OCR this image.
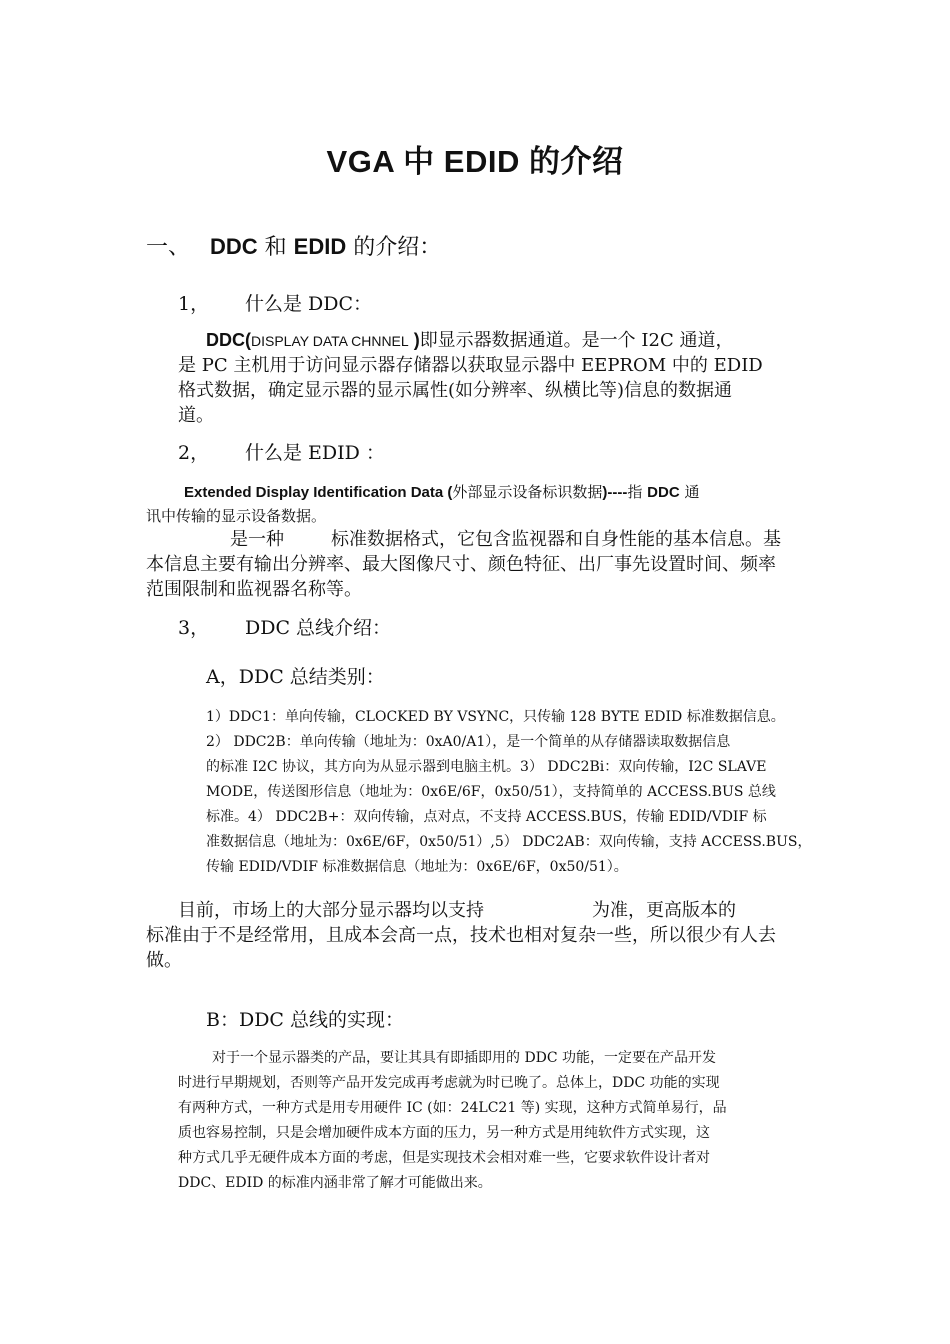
VGA 中 EDID 的介绍
一、 DDC 和 EDID 的介绍：
1， 什么是 DDC：
DDC(DISPLAY DATA CHNNEL )即显示器数据通道。是一个 I2C 通道，
是 PC 主机用于访问显示器存储器以获取显示器中 EEPROM 中的 EDID
格式数据，确定显示器的显示属性(如分辨率、纵横比等)信息的数据通
道。
2， 什么是 EDID ：
Extended Display Identification Data (外部显示设备标识数据)----指 DDC 通
讯中传输的显示设备数据。
是一种	标准数据格式，它包含监视器和自身性能的基本信息。基
本信息主要有输出分辨率、最大图像尺寸、颜色特征、出厂事先设置时间、频率
范围限制和监视器名称等。
3， DDC 总线介绍：
A，DDC 总结类别：
1）DDC1：单向传输，CLOCKED BY VSYNC，只传输 128 BYTE EDID 标准数据信息。
2） DDC2B：单向传输（地址为：0xA0/A1），是一个简单的从存储器读取数据信息
的标准 I2C 协议，其方向为从显示器到电脑主机。3） DDC2Bi：双向传输，I2C SLAVE
MODE，传送图形信息（地址为：0x6E/6F，0x50/51），支持简单的 ACCESS.BUS 总线
标准。4） DDC2B+：双向传输，点对点，不支持 ACCESS.BUS，传输 EDID/VDIF 标
准数据信息（地址为：0x6E/6F，0x50/51）,5） DDC2AB：双向传输，支持 ACCESS.BUS，
传输 EDID/VDIF 标准数据信息（地址为：0x6E/6F，0x50/51）。
目前，市场上的大部分显示器均以支持	为准，更高版本的
标准由于不是经常用，且成本会高一点，技术也相对复杂一些，所以很少有人去
做。
B：DDC 总线的实现：
对于一个显示器类的产品，要让其具有即插即用的 DDC 功能，一定要在产品开发
时进行早期规划，否则等产品开发完成再考虑就为时已晚了。总体上，DDC 功能的实现
有两种方式，一种方式是用专用硬件 IC (如：24LC21 等) 实现，这种方式简单易行，品
质也容易控制，只是会增加硬件成本方面的压力，另一种方式是用纯软件方式实现，这
种方式几乎无硬件成本方面的考虑，但是实现技术会相对难一些，它要求软件设计者对
DDC、EDID 的标准内涵非常了解才可能做出来。
